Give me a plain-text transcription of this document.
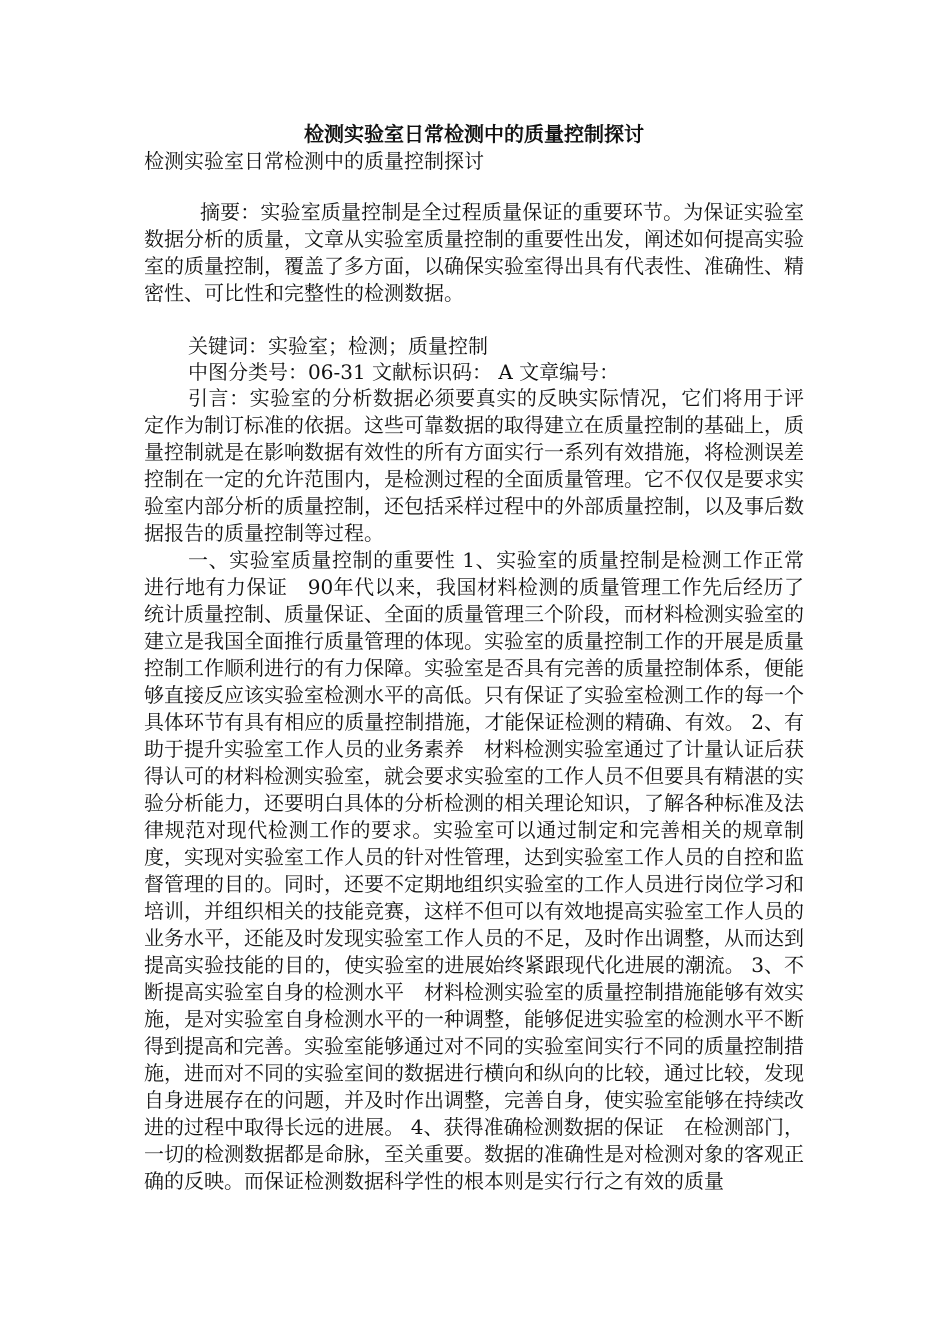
检测实验室日常检测中的质量控制探讨

检测实验室日常检测中的质量控制探讨

摘要：实验室质量控制是全过程质量保证的重要环节。为保证实验室数据分析的质量，文章从实验室质量控制的重要性出发，阐述如何提高实验室的质量控制，覆盖了多方面，以确保实验室得出具有代表性、准确性、精密性、可比性和完整性的检测数据。

关键词：实验室；检测；质量控制

中图分类号：06-31 文献标识码： A 文章编号：

引言：实验室的分析数据必须要真实的反映实际情况，它们将用于评定作为制订标准的依据。这些可靠数据的取得建立在质量控制的基础上，质量控制就是在影响数据有效性的所有方面实行一系列有效措施，将检测误差控制在一定的允许范围内，是检测过程的全面质量管理。它不仅仅是要求实验室内部分析的质量控制，还包括采样过程中的外部质量控制，以及事后数据报告的质量控制等过程。

一、实验室质量控制的重要性 1、实验室的质量控制是检测工作正常进行地有力保证　90年代以来，我国材料检测的质量管理工作先后经历了统计质量控制、质量保证、全面的质量管理三个阶段，而材料检测实验室的建立是我国全面推行质量管理的体现。实验室的质量控制工作的开展是质量控制工作顺利进行的有力保障。实验室是否具有完善的质量控制体系，便能够直接反应该实验室检测水平的高低。只有保证了实验室检测工作的每一个具体环节有具有相应的质量控制措施，才能保证检测的精确、有效。 2、有助于提升实验室工作人员的业务素养　材料检测实验室通过了计量认证后获得认可的材料检测实验室，就会要求实验室的工作人员不但要具有精湛的实验分析能力，还要明白具体的分析检测的相关理论知识，了解各种标准及法律规范对现代检测工作的要求。实验室可以通过制定和完善相关的规章制度，实现对实验室工作人员的针对性管理，达到实验室工作人员的自控和监督管理的目的。同时，还要不定期地组织实验室的工作人员进行岗位学习和培训，并组织相关的技能竞赛，这样不但可以有效地提高实验室工作人员的业务水平，还能及时发现实验室工作人员的不足，及时作出调整，从而达到提高实验技能的目的，使实验室的进展始终紧跟现代化进展的潮流。 3、不断提高实验室自身的检测水平　材料检测实验室的质量控制措施能够有效实施，是对实验室自身检测水平的一种调整，能够促进实验室的检测水平不断得到提高和完善。实验室能够通过对不同的实验室间实行不同的质量控制措施，进而对不同的实验室间的数据进行横向和纵向的比较，通过比较，发现自身进展存在的问题，并及时作出调整，完善自身，使实验室能够在持续改进的过程中取得长远的进展。 4、获得准确检测数据的保证　在检测部门，一切的检测数据都是命脉，至关重要。数据的准确性是对检测对象的客观正确的反映。而保证检测数据科学性的根本则是实行行之有效的质量
